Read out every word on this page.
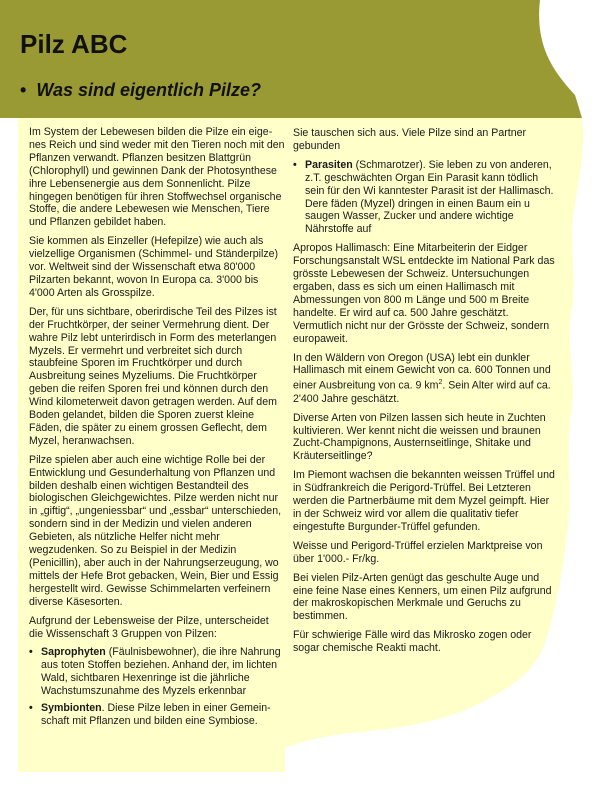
Pilz ABC
• Was sind eigentlich Pilze?

Im System der Lebewesen bilden die Pilze ein eigenes Reich und sind weder mit den Tieren noch mit den Pflanzen verwandt. Pflanzen besitzen Blattgrün (Chlorophyll) und gewinnen Dank der Photosynthese ihre Lebensenergie aus dem Sonnenlicht. Pilze hingegen benötigen für ihren Stoffwechsel organische Stoffe, die andere Lebewesen wie Menschen, Tiere und Pflanzen gebildet haben.

Sie kommen als Einzeller (Hefepilze) wie auch als vielzellige Organismen (Schimmel- und Ständerpilze) vor. Weltweit sind der Wissenschaft etwa 80'000 Pilzarten bekannt, wovon In Europa ca. 3'000 bis 4'000 Arten als Grosspilze.

Der, für uns sichtbare, oberirdische Teil des Pilzes ist der Fruchtkörper, der seiner Vermehrung dient. Der wahre Pilz lebt unterirdisch in Form des meterlangen Myzels. Er vermehrt und verbreitet sich durch staubfeine Sporen im Fruchtkörper und durch Ausbreitung seines Myzeliums. Die Fruchtkörper geben die reifen Sporen frei und können durch den Wind kilometerweit davon getragen werden. Auf dem Boden gelandet, bilden die Sporen zuerst kleine Fäden, die später zu einem grossen Geflecht, dem Myzel, heranwachsen.

Pilze spielen aber auch eine wichtige Rolle bei der Entwicklung und Gesunderhaltung von Pflanzen und bilden deshalb einen wichtigen Bestandteil des biologischen Gleichgewichtes. Pilze werden nicht nur in „giftig“, „ungeniessbar“ und „essbar“ unterschieden, sondern sind in der Medizin und vielen anderen Gebieten, als nützliche Helfer nicht mehr wegzudenken. So zu Beispiel in der Medizin (Penicillin), aber auch in der Nahrungserzeugung, wo mittels der Hefe Brot gebacken, Wein, Bier und Essig hergestellt wird. Gewisse Schimmelarten verfeinern diverse Käsesorten.

Aufgrund der Lebensweise der Pilze, unterscheidet die Wissenschaft 3 Gruppen von Pilzen:

• Saprophyten (Fäulnisbewohner), die ihre Nahrung aus toten Stoffen beziehen. Anhand der, im lichten Wald, sichtbaren Hexenringe ist die jährliche Wachstumszunahme des Myzels erkennbar
• Symbionten. Diese Pilze leben in einer Gemeinschaft mit Pflanzen und bilden eine Symbiose.

Sie tauschen sich aus. Viele Pilze sind an Partner gebunden

• Parasiten (Schmarotzer). Sie leben zu von anderen, z.T. geschwächten Organ Ein Parasit kann tödlich sein für den Wi kanntester Parasit ist der Hallimasch. Dere fäden (Myzel) dringen in einen Baum ein u saugen Wasser, Zucker und andere wichtige Nährstoffe auf

Apropos Hallimasch: Eine Mitarbeiterin der Eidger Forschungsanstalt WSL entdeckte im National Park das grösste Lebewesen der Schweiz. Untersuchungen ergaben, dass es sich um einen Hallimasch mit Abmessungen von 800 m Länge und 500 m Breite handelte. Er wird auf ca. 500 Jahre geschätzt. Vermutlich nicht nur der Grösste der Schweiz, sondern europaweit.

In den Wäldern von Oregon (USA) lebt ein dunkler Hallimasch mit einem Gewicht von ca. 600 Tonnen und einer Ausbreitung von ca. 9 $km^2$. Sein Alter wird auf ca. 2'400 Jahre geschätzt.

Diverse Arten von Pilzen lassen sich heute in Zuchten kultivieren. Wer kennt nicht die weissen und braunen Zucht-Champignons, Austernseitlinge, Shitake und Kräuterseitlinge?

Im Piemont wachsen die bekannten weissen Trüffel und in Südfrankreich die Perigord-Trüffel. Bei Letzteren werden die Partnerbäume mit dem Myzel geimpft. Hier in der Schweiz wird vor allem die qualitativ tiefer eingestufte Burgunder-Trüffel gefunden.

Weisse und Perigord-Trüffel erzielen Marktpreise von über 1'000.- Fr/kg.

Bei vielen Pilz-Arten genügt das geschulte Auge und eine feine Nase eines Kenners, um einen Pilz aufgrund der makroskopischen Merkmale und Geruchs zu bestimmen.

Für schwierige Fälle wird das Mikrosko zogen oder sogar chemische Reakti macht.
